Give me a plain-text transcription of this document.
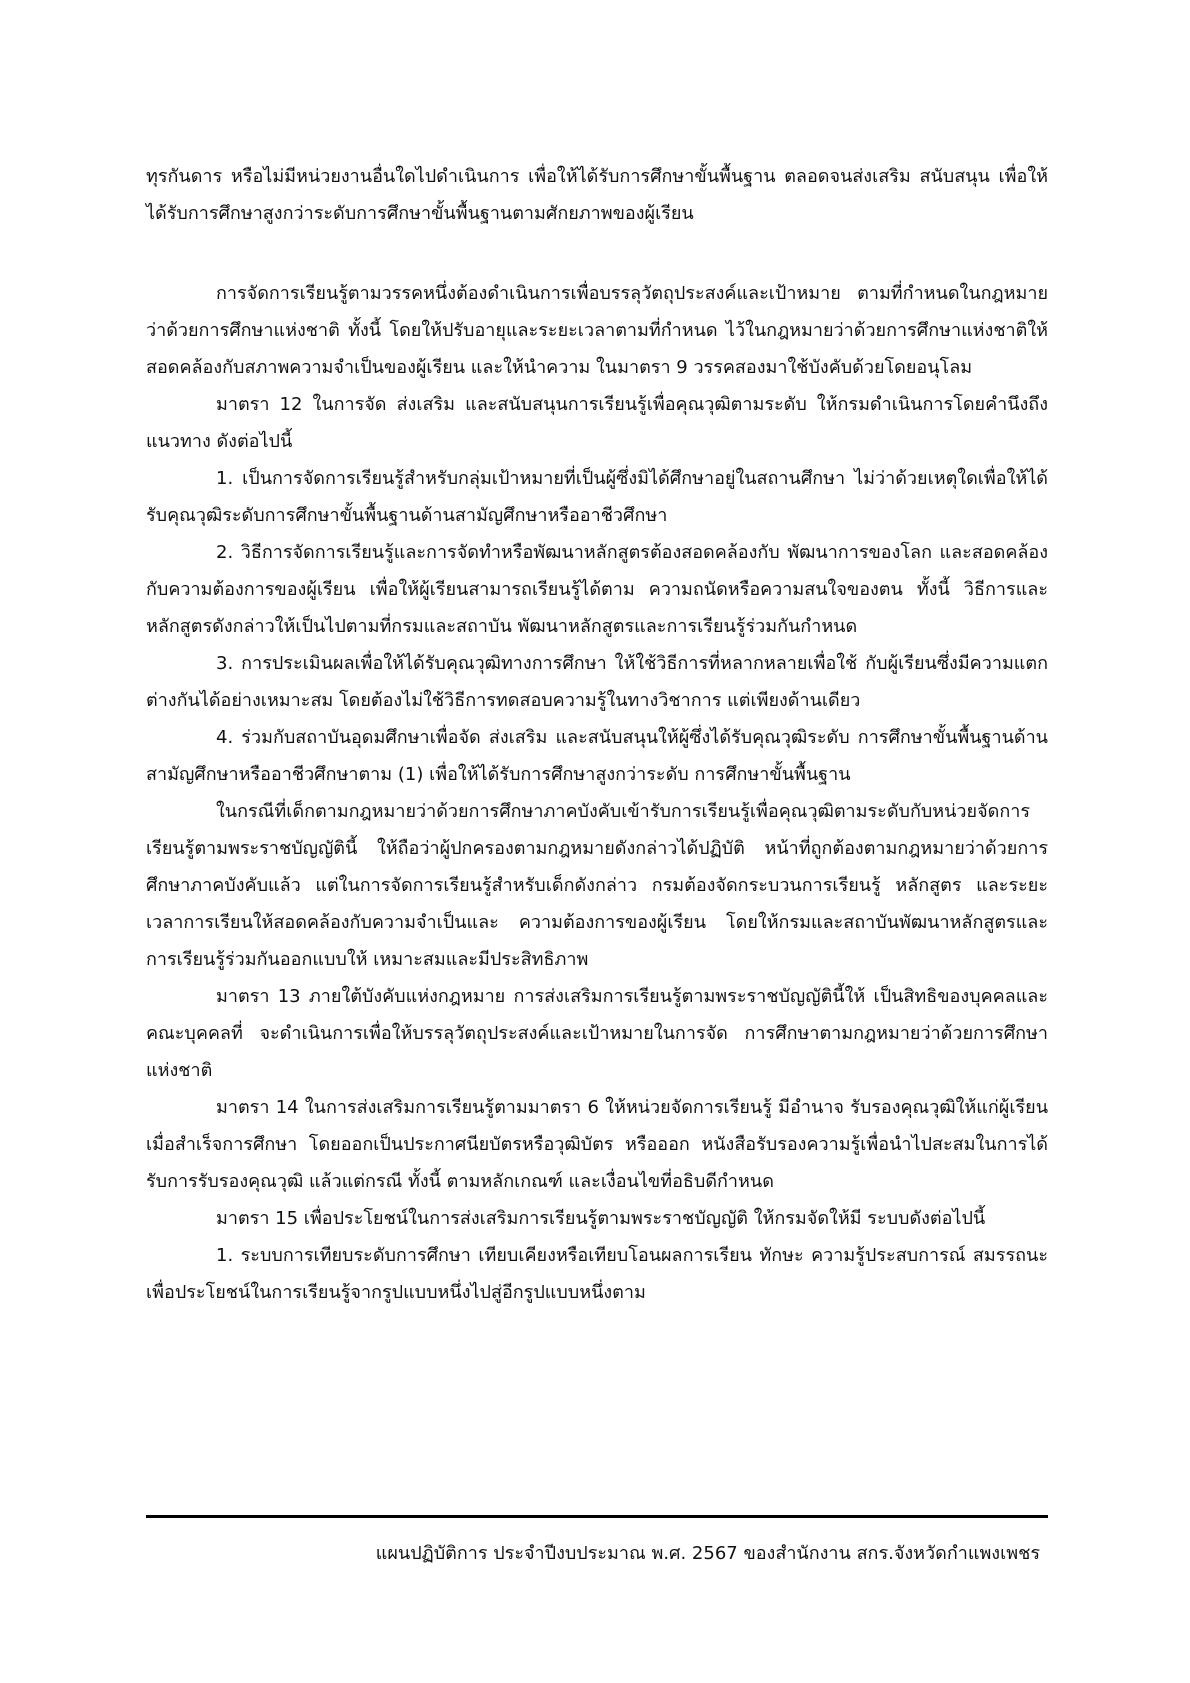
ทุรกันดาร หรือไม่มีหน่วยงานอื่นใดไปดำเนินการ เพื่อให้ได้รับการศึกษาขั้นพื้นฐาน ตลอดจนส่งเสริม สนับสนุน เพื่อให้ได้รับการศึกษาสูงกว่าระดับการศึกษาขั้นพื้นฐานตามศักยภาพของผู้เรียน

การจัดการเรียนรู้ตามวรรคหนึ่งต้องดำเนินการเพื่อบรรลุวัตถุประสงค์และเป้าหมาย ตามที่กำหนดในกฎหมายว่าด้วยการศึกษาแห่งชาติ ทั้งนี้ โดยให้ปรับอายุและระยะเวลาตามที่กำหนด ไว้ในกฎหมายว่าด้วยการศึกษาแห่งชาติให้สอดคล้องกับสภาพความจำเป็นของผู้เรียน และให้นำความ ในมาตรา 9 วรรคสองมาใช้บังคับด้วยโดยอนุโลม

มาตรา 12 ในการจัด ส่งเสริม และสนับสนุนการเรียนรู้เพื่อคุณวุฒิตามระดับ ให้กรมดำเนินการโดยคำนึงถึงแนวทาง ดังต่อไปนี้

1. เป็นการจัดการเรียนรู้สำหรับกลุ่มเป้าหมายที่เป็นผู้ซึ่งมิได้ศึกษาอยู่ในสถานศึกษา ไม่ว่าด้วยเหตุใดเพื่อให้ได้รับคุณวุฒิระดับการศึกษาขั้นพื้นฐานด้านสามัญศึกษาหรืออาชีวศึกษา

2. วิธีการจัดการเรียนรู้และการจัดทำหรือพัฒนาหลักสูตรต้องสอดคล้องกับ พัฒนาการของโลก และสอดคล้องกับความต้องการของผู้เรียน เพื่อให้ผู้เรียนสามารถเรียนรู้ได้ตาม ความถนัดหรือความสนใจของตน ทั้งนี้ วิธีการและหลักสูตรดังกล่าวให้เป็นไปตามที่กรมและสถาบัน พัฒนาหลักสูตรและการเรียนรู้ร่วมกันกำหนด

3. การประเมินผลเพื่อให้ได้รับคุณวุฒิทางการศึกษา ให้ใช้วิธีการที่หลากหลายเพื่อใช้ กับผู้เรียนซึ่งมีความแตกต่างกันได้อย่างเหมาะสม โดยต้องไม่ใช้วิธีการทดสอบความรู้ในทางวิชาการ แต่เพียงด้านเดียว

4. ร่วมกับสถาบันอุดมศึกษาเพื่อจัด ส่งเสริม และสนับสนุนให้ผู้ซึ่งได้รับคุณวุฒิระดับ การศึกษาขั้นพื้นฐานด้านสามัญศึกษาหรืออาชีวศึกษาตาม (1) เพื่อให้ได้รับการศึกษาสูงกว่าระดับ การศึกษาขั้นพื้นฐาน

ในกรณีที่เด็กตามกฎหมายว่าด้วยการศึกษาภาคบังคับเข้ารับการเรียนรู้เพื่อคุณวุฒิตามระดับกับหน่วยจัดการเรียนรู้ตามพระราชบัญญัตินี้ ให้ถือว่าผู้ปกครองตามกฎหมายดังกล่าวได้ปฏิบัติ หน้าที่ถูกต้องตามกฎหมายว่าด้วยการศึกษาภาคบังคับแล้ว แต่ในการจัดการเรียนรู้สำหรับเด็กดังกล่าว กรมต้องจัดกระบวนการเรียนรู้ หลักสูตร และระยะเวลาการเรียนให้สอดคล้องกับความจำเป็นและ ความต้องการของผู้เรียน โดยให้กรมและสถาบันพัฒนาหลักสูตรและการเรียนรู้ร่วมกันออกแบบให้ เหมาะสมและมีประสิทธิภาพ

มาตรา 13 ภายใต้บังคับแห่งกฎหมาย การส่งเสริมการเรียนรู้ตามพระราชบัญญัตินี้ให้ เป็นสิทธิของบุคคลและคณะบุคคลที่ จะดำเนินการเพื่อให้บรรลุวัตถุประสงค์และเป้าหมายในการจัด การศึกษาตามกฎหมายว่าด้วยการศึกษาแห่งชาติ

มาตรา 14 ในการส่งเสริมการเรียนรู้ตามมาตรา 6 ให้หน่วยจัดการเรียนรู้ มีอำนาจ รับรองคุณวุฒิให้แก่ผู้เรียนเมื่อสำเร็จการศึกษา โดยออกเป็นประกาศนียบัตรหรือวุฒิบัตร หรือออก หนังสือรับรองความรู้เพื่อนำไปสะสมในการได้รับการรับรองคุณวุฒิ แล้วแต่กรณี ทั้งนี้ ตามหลักเกณฑ์ และเงื่อนไขที่อธิบดีกำหนด

มาตรา 15 เพื่อประโยชน์ในการส่งเสริมการเรียนรู้ตามพระราชบัญญัติ ให้กรมจัดให้มี ระบบดังต่อไปนี้

1. ระบบการเทียบระดับการศึกษา เทียบเคียงหรือเทียบโอนผลการเรียน ทักษะ ความรู้ประสบการณ์ สมรรถนะ เพื่อประโยชน์ในการเรียนรู้จากรูปแบบหนึ่งไปสู่อีกรูปแบบหนึ่งตาม

แผนปฏิบัติการ ประจำปีงบประมาณ พ.ศ. 2567 ของสำนักงาน สกร.จังหวัดกำแพงเพชร
